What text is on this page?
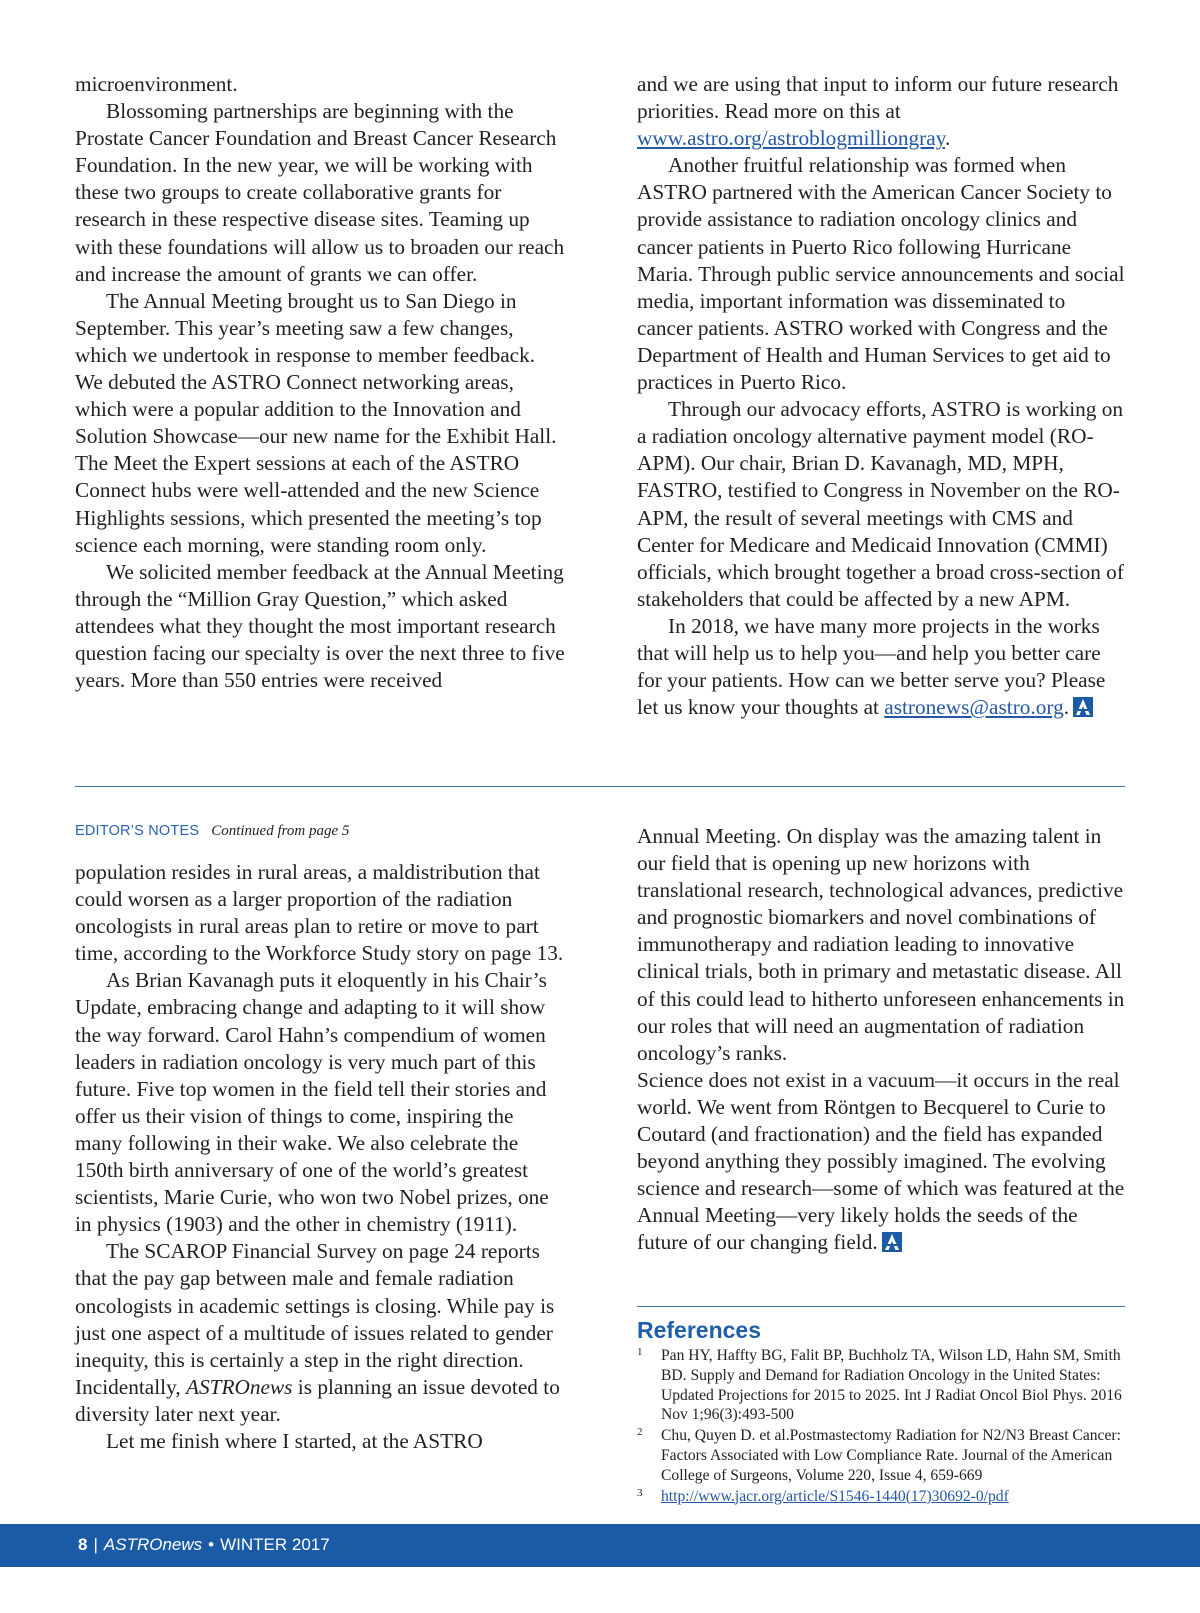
microenvironment.

Blossoming partnerships are beginning with the Prostate Cancer Foundation and Breast Cancer Research Foundation. In the new year, we will be working with these two groups to create collaborative grants for research in these respective disease sites. Teaming up with these foundations will allow us to broaden our reach and increase the amount of grants we can offer.

The Annual Meeting brought us to San Diego in September. This year’s meeting saw a few changes, which we undertook in response to member feedback. We debuted the ASTRO Connect networking areas, which were a popular addition to the Innovation and Solution Showcase—our new name for the Exhibit Hall. The Meet the Expert sessions at each of the ASTRO Connect hubs were well-attended and the new Science Highlights sessions, which presented the meeting’s top science each morning, were standing room only.

We solicited member feedback at the Annual Meeting through the “Million Gray Question,” which asked attendees what they thought the most important research question facing our specialty is over the next three to five years. More than 550 entries were received

and we are using that input to inform our future research priorities. Read more on this at www.astro.org/astroblogmilliongray.

Another fruitful relationship was formed when ASTRO partnered with the American Cancer Society to provide assistance to radiation oncology clinics and cancer patients in Puerto Rico following Hurricane Maria. Through public service announcements and social media, important information was disseminated to cancer patients. ASTRO worked with Congress and the Department of Health and Human Services to get aid to practices in Puerto Rico.

Through our advocacy efforts, ASTRO is working on a radiation oncology alternative payment model (RO-APM). Our chair, Brian D. Kavanagh, MD, MPH, FASTRO, testified to Congress in November on the RO-APM, the result of several meetings with CMS and Center for Medicare and Medicaid Innovation (CMMI) officials, which brought together a broad cross-section of stakeholders that could be affected by a new APM.

In 2018, we have many more projects in the works that will help us to help you—and help you better care for your patients. How can we better serve you? Please let us know your thoughts at astronews@astro.org.

EDITOR’S NOTES Continued from page 5

population resides in rural areas, a maldistribution that could worsen as a larger proportion of the radiation oncologists in rural areas plan to retire or move to part time, according to the Workforce Study story on page 13.

As Brian Kavanagh puts it eloquently in his Chair’s Update, embracing change and adapting to it will show the way forward. Carol Hahn’s compendium of women leaders in radiation oncology is very much part of this future. Five top women in the field tell their stories and offer us their vision of things to come, inspiring the many following in their wake. We also celebrate the 150th birth anniversary of one of the world’s greatest scientists, Marie Curie, who won two Nobel prizes, one in physics (1903) and the other in chemistry (1911).

The SCAROP Financial Survey on page 24 reports that the pay gap between male and female radiation oncologists in academic settings is closing. While pay is just one aspect of a multitude of issues related to gender inequity, this is certainly a step in the right direction. Incidentally, ASTROnews is planning an issue devoted to diversity later next year.

Let me finish where I started, at the ASTRO

Annual Meeting. On display was the amazing talent in our field that is opening up new horizons with translational research, technological advances, predictive and prognostic biomarkers and novel combinations of immunotherapy and radiation leading to innovative clinical trials, both in primary and metastatic disease. All of this could lead to hitherto unforeseen enhancements in our roles that will need an augmentation of radiation oncology’s ranks.

Science does not exist in a vacuum—it occurs in the real world. We went from Röntgen to Becquerel to Curie to Coutard (and fractionation) and the field has expanded beyond anything they possibly imagined. The evolving science and research—some of which was featured at the Annual Meeting—very likely holds the seeds of the future of our changing field.

References
1 Pan HY, Haffty BG, Falit BP, Buchholz TA, Wilson LD, Hahn SM, Smith BD. Supply and Demand for Radiation Oncology in the United States: Updated Projections for 2015 to 2025. Int J Radiat Oncol Biol Phys. 2016 Nov 1;96(3):493-500
2 Chu, Quyen D. et al.Postmastectomy Radiation for N2/N3 Breast Cancer: Factors Associated with Low Compliance Rate. Journal of the American College of Surgeons, Volume 220, Issue 4, 659-669
3 http://www.jacr.org/article/S1546-1440(17)30692-0/pdf
8 | ASTROnews • WINTER 2017
